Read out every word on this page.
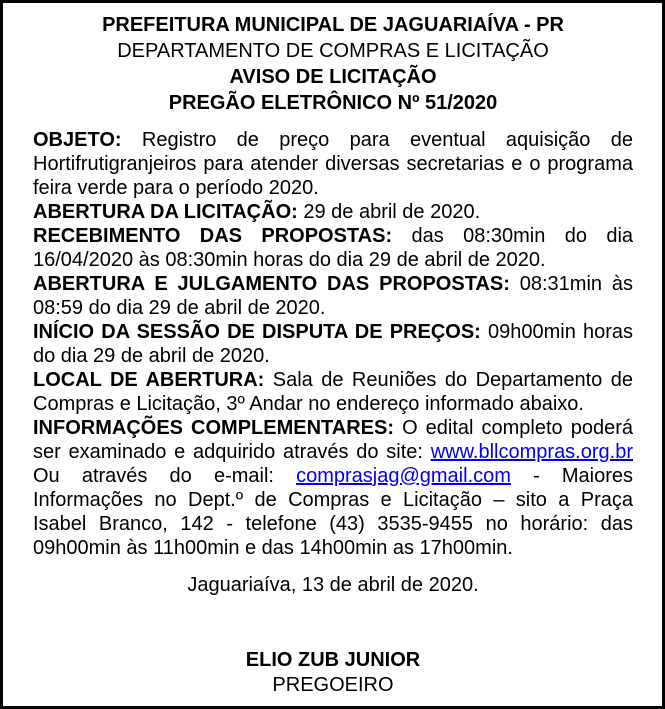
PREFEITURA MUNICIPAL DE JAGUARIAÍVA - PR
DEPARTAMENTO DE COMPRAS E LICITAÇÃO
AVISO DE LICITAÇÃO
PREGÃO ELETRÔNICO Nº 51/2020

OBJETO: Registro de preço para eventual aquisição de Hortifrutigranjeiros para atender diversas secretarias e o programa feira verde para o período 2020.

ABERTURA DA LICITAÇÃO: 29 de abril de 2020.

RECEBIMENTO DAS PROPOSTAS: das 08:30min do dia 16/04/2020 às 08:30min horas do dia 29 de abril de 2020.

ABERTURA E JULGAMENTO DAS PROPOSTAS: 08:31min às 08:59 do dia 29 de abril de 2020.

INÍCIO DA SESSÃO DE DISPUTA DE PREÇOS: 09h00min horas do dia 29 de abril de 2020.

LOCAL DE ABERTURA: Sala de Reuniões do Departamento de Compras e Licitação, 3º Andar no endereço informado abaixo.

INFORMAÇÕES COMPLEMENTARES: O edital completo poderá ser examinado e adquirido através do site: www.bllcompras.org.br Ou através do e-mail: comprasjag@gmail.com - Maiores Informações no Dept.º de Compras e Licitação – sito a Praça Isabel Branco, 142 - telefone (43) 3535-9455 no horário: das 09h00min às 11h00min e das 14h00min as 17h00min.

Jaguariaíva, 13 de abril de 2020.

ELIO ZUB JUNIOR
PREGOEIRO
